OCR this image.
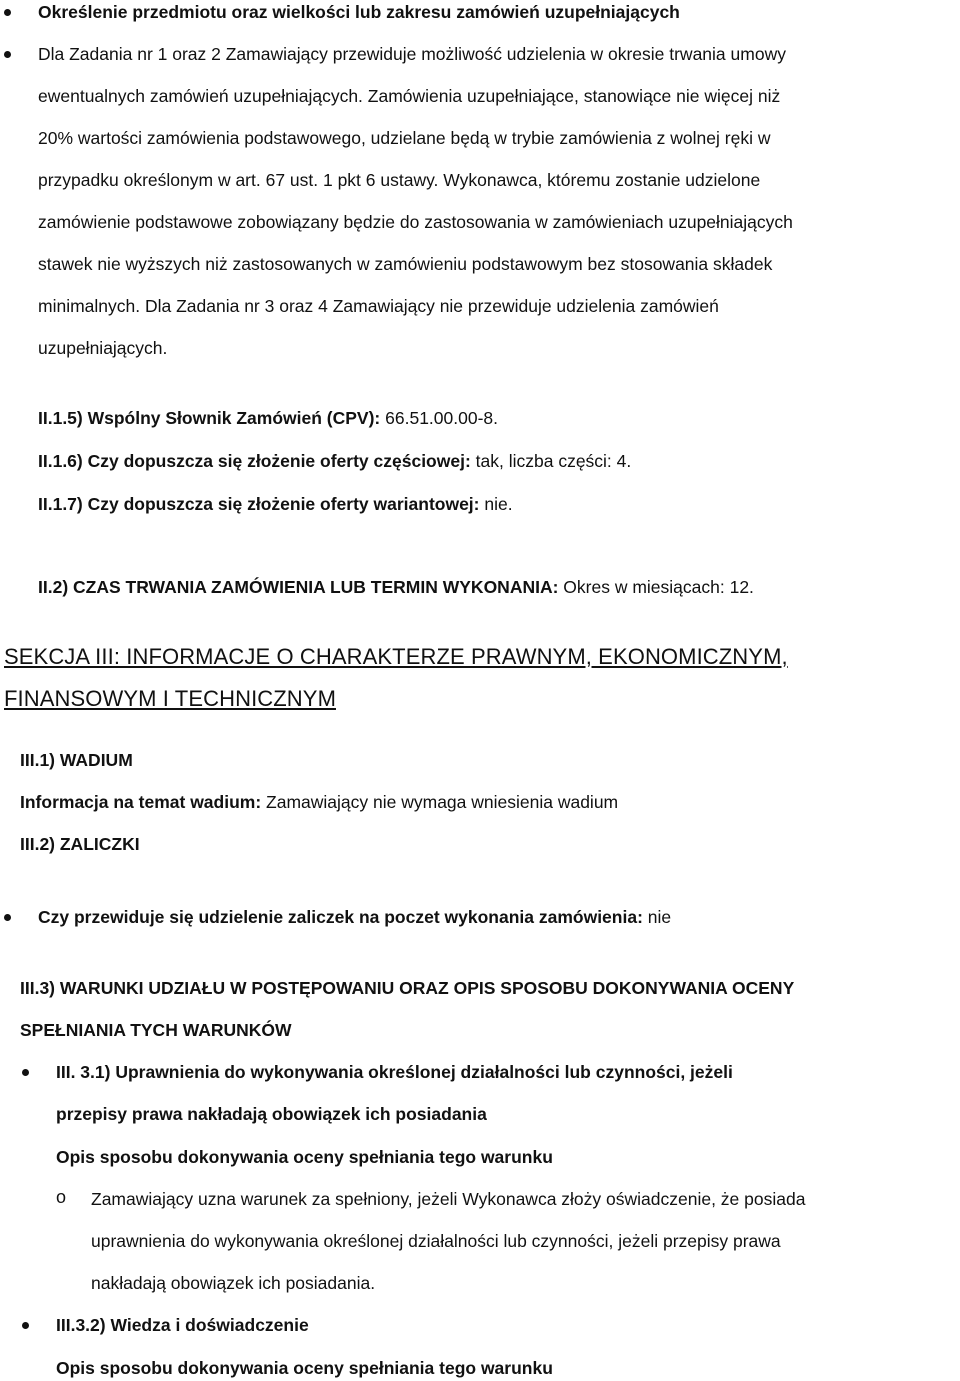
Określenie przedmiotu oraz wielkości lub zakresu zamówień uzupełniających
Dla Zadania nr 1 oraz 2 Zamawiający przewiduje możliwość udzielenia w okresie trwania umowy
ewentualnych zamówień uzupełniających. Zamówienia uzupełniające, stanowiące nie więcej niż
20% wartości zamówienia podstawowego, udzielane będą w trybie zamówienia z wolnej ręki w
przypadku określonym w art. 67 ust. 1 pkt 6 ustawy. Wykonawca, któremu zostanie udzielone
zamówienie podstawowe zobowiązany będzie do zastosowania w zamówieniach uzupełniających
stawek nie wyższych niż zastosowanych w zamówieniu podstawowym bez stosowania składek
minimalnych. Dla Zadania nr 3 oraz 4 Zamawiający nie przewiduje udzielenia zamówień
uzupełniających.
II.1.5) Wspólny Słownik Zamówień (CPV): 66.51.00.00-8.
II.1.6) Czy dopuszcza się złożenie oferty częściowej: tak, liczba części: 4.
II.1.7) Czy dopuszcza się złożenie oferty wariantowej: nie.
II.2) CZAS TRWANIA ZAMÓWIENIA LUB TERMIN WYKONANIA: Okres w miesiącach: 12.
SEKCJA III: INFORMACJE O CHARAKTERZE PRAWNYM, EKONOMICZNYM,
FINANSOWYM I TECHNICZNYM
III.1) WADIUM
Informacja na temat wadium: Zamawiający nie wymaga wniesienia wadium
III.2) ZALICZKI
Czy przewiduje się udzielenie zaliczek na poczet wykonania zamówienia: nie
III.3) WARUNKI UDZIAŁU W POSTĘPOWANIU ORAZ OPIS SPOSOBU DOKONYWANIA OCENY
SPEŁNIANIA TYCH WARUNKÓW
III. 3.1) Uprawnienia do wykonywania określonej działalności lub czynności, jeżeli
przepisy prawa nakładają obowiązek ich posiadania
Opis sposobu dokonywania oceny spełniania tego warunku
o Zamawiający uzna warunek za spełniony, jeżeli Wykonawca złoży oświadczenie, że posiada
uprawnienia do wykonywania określonej działalności lub czynności, jeżeli przepisy prawa
nakładają obowiązek ich posiadania.
III.3.2) Wiedza i doświadczenie
Opis sposobu dokonywania oceny spełniania tego warunku
